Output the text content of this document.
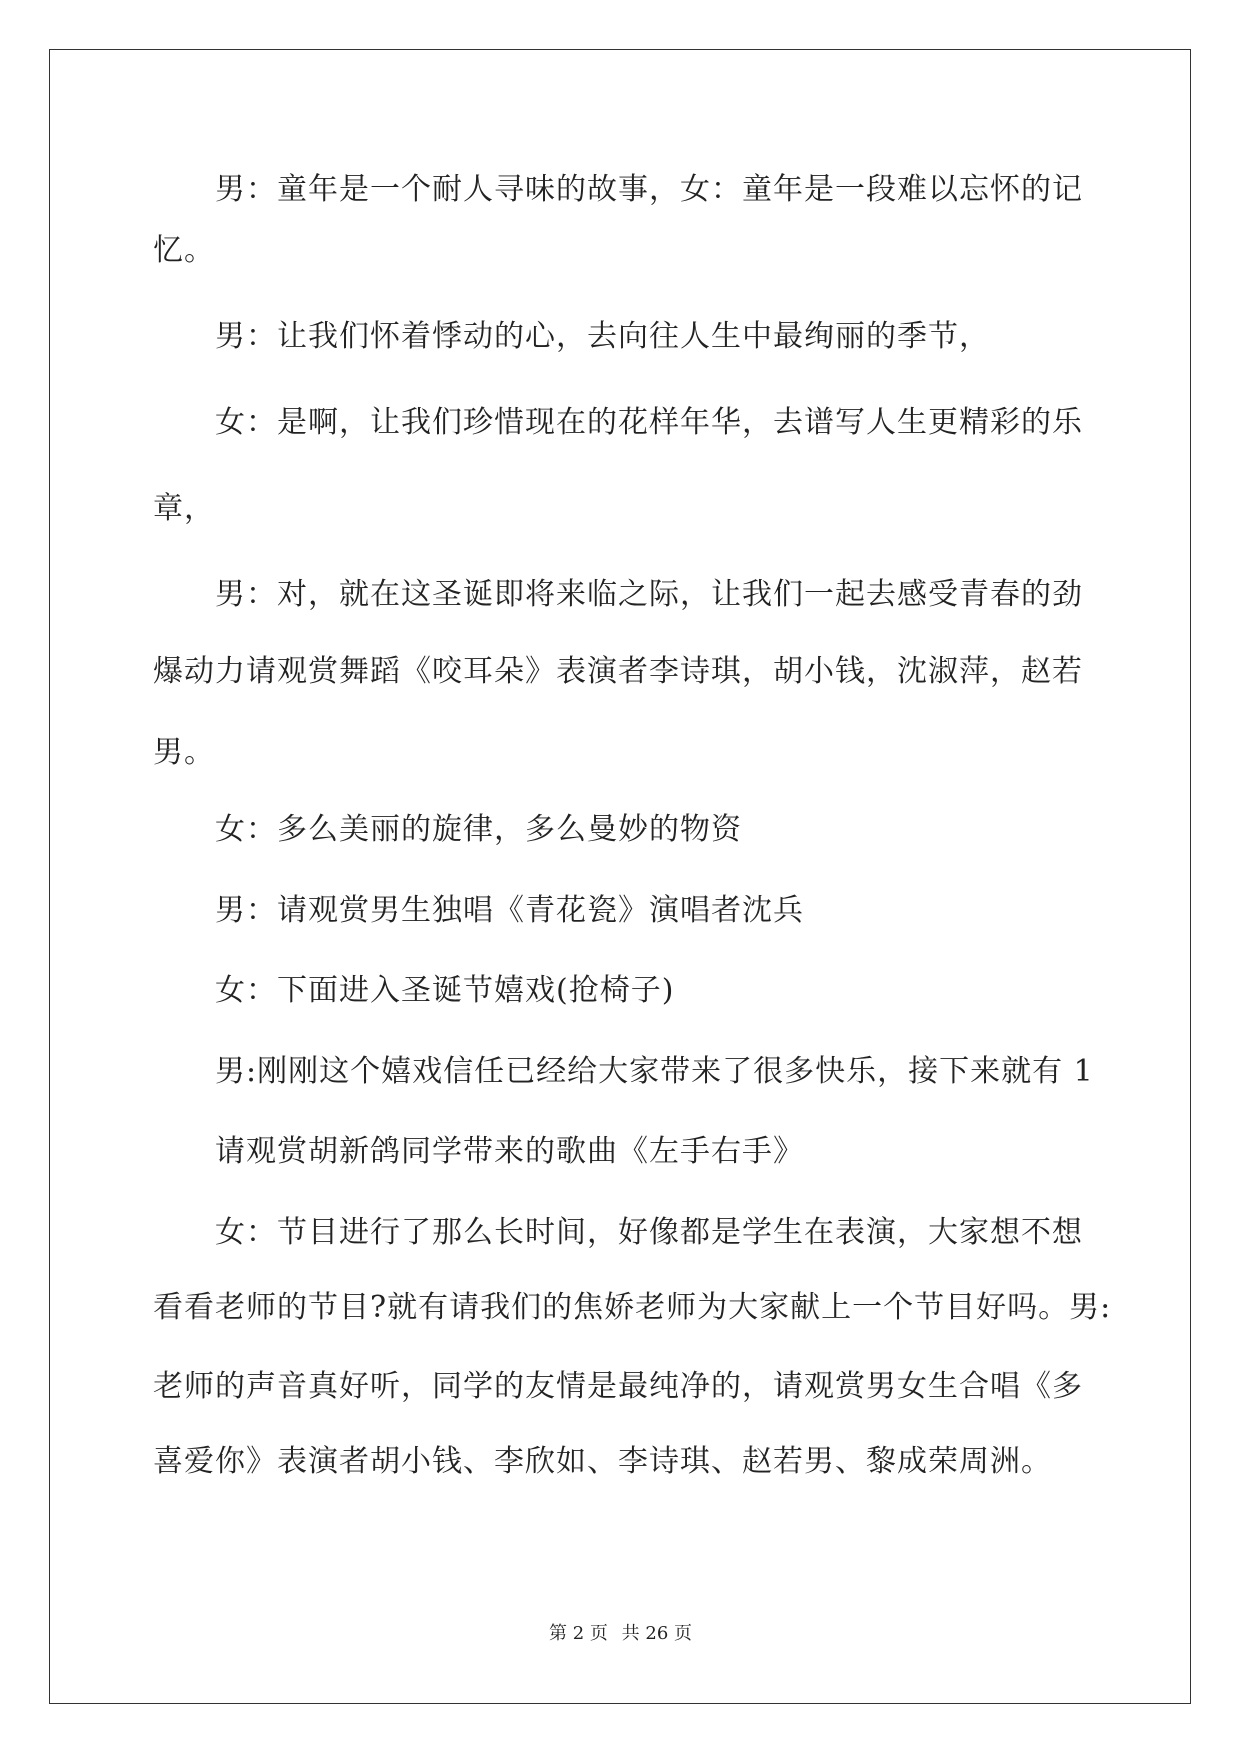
男：童年是一个耐人寻味的故事，女：童年是一段难以忘怀的记
忆。
男：让我们怀着悸动的心，去向往人生中最绚丽的季节，
女：是啊，让我们珍惜现在的花样年华，去谱写人生更精彩的乐
章，
男：对，就在这圣诞即将来临之际，让我们一起去感受青春的劲
爆动力请观赏舞蹈《咬耳朵》表演者李诗琪，胡小钱，沈淑萍，赵若
男。
女：多么美丽的旋律，多么曼妙的物资
男：请观赏男生独唱《青花瓷》演唱者沈兵
女：下面进入圣诞节嬉戏(抢椅子)
男:刚刚这个嬉戏信任已经给大家带来了很多快乐，接下来就有 1
请观赏胡新鸽同学带来的歌曲《左手右手》
女：节目进行了那么长时间，好像都是学生在表演，大家想不想
看看老师的节目?就有请我们的焦娇老师为大家献上一个节目好吗。男:
老师的声音真好听，同学的友情是最纯净的，请观赏男女生合唱《多
喜爱你》表演者胡小钱、李欣如、李诗琪、赵若男、黎成荣周洲。
第 2 页 共 26 页
